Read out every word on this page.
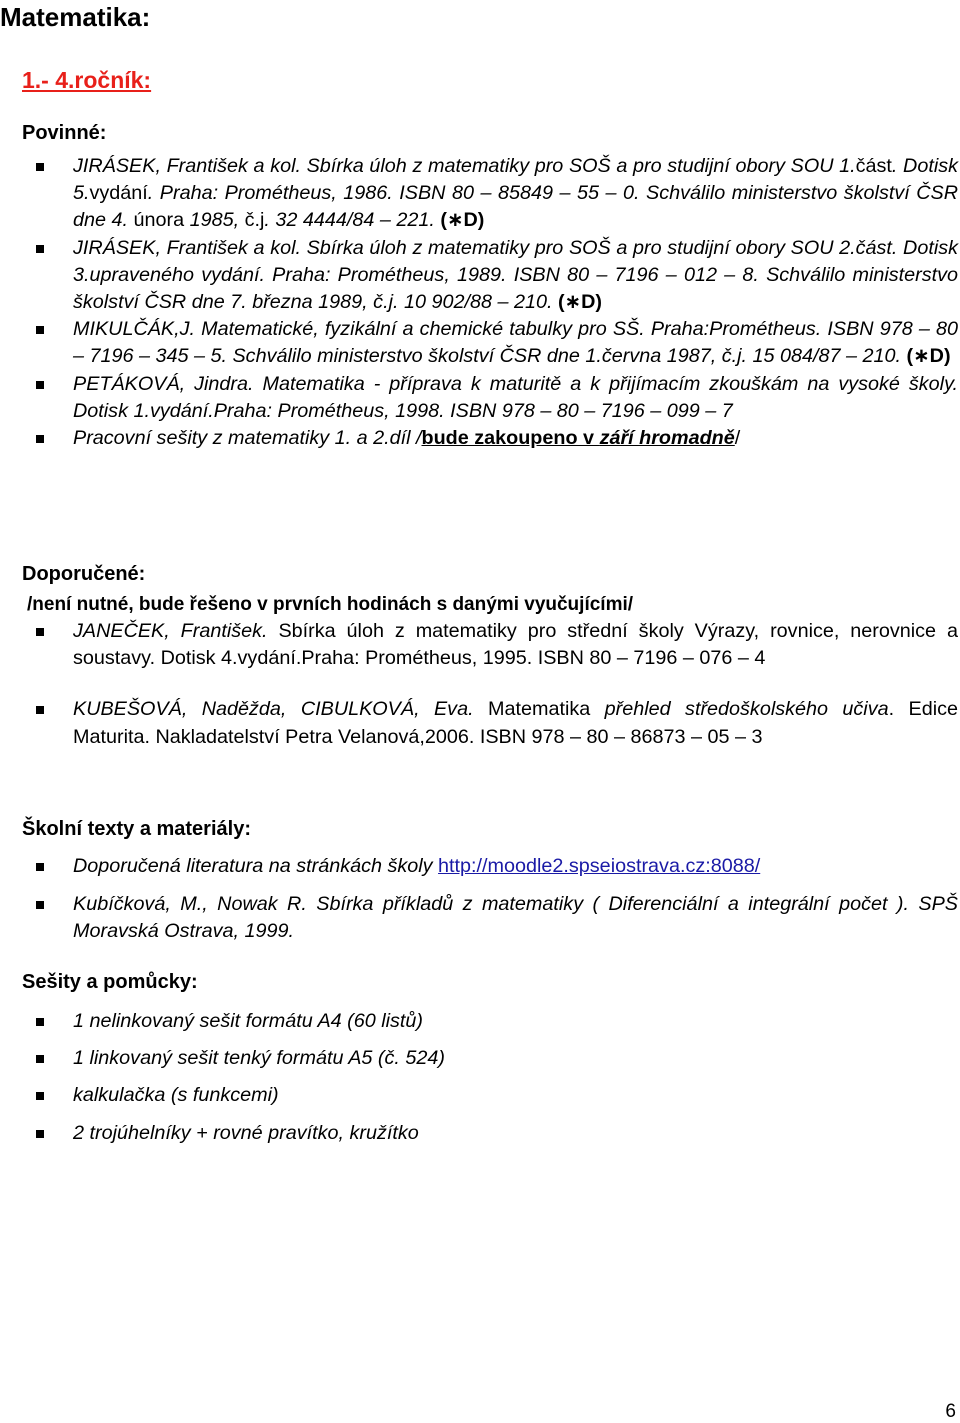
Matematika:
1.- 4.ročník:
Povinné:
JIRÁSEK, František a kol. Sbírka úloh z matematiky pro SOŠ a pro studijní obory SOU 1.část. Dotisk 5.vydání. Praha: Prométheus, 1986. ISBN 80 – 85849 – 55 – 0. Schválilo ministerstvo školství ČSR dne 4. února 1985, č.j. 32 4444/84 – 221. (∗D)
JIRÁSEK, František a kol. Sbírka úloh z matematiky pro SOŠ a pro studijní obory SOU 2.část. Dotisk 3.upraveného vydání. Praha: Prométheus, 1989. ISBN 80 – 7196 – 012 – 8. Schválilo ministerstvo školství ČSR dne 7. března 1989, č.j. 10 902/88 – 210. (∗D)
MIKULČÁK,J. Matematické, fyzikální a chemické tabulky pro SŠ. Praha:Prométheus. ISBN 978 – 80 – 7196 – 345 – 5. Schválilo ministerstvo školství ČSR dne 1.června 1987, č.j. 15 084/87 – 210. (∗D)
PETÁKOVÁ, Jindra. Matematika - příprava k maturitě a k přijímacím zkouškám na vysoké školy. Dotisk 1.vydání.Praha: Prométheus, 1998. ISBN 978 – 80 – 7196 – 099 – 7
Pracovní sešity z matematiky 1. a 2.díl /bude zakoupeno v září hromadně/
Doporučené:

/není nutné, bude řešeno v prvních hodinách s danými vyučujícími/

JANEČEK, František. Sbírka úloh z matematiky pro střední školy Výrazy, rovnice, nerovnice a soustavy. Dotisk 4.vydání.Praha: Prométheus, 1995. ISBN 80 – 7196 – 076 – 4
KUBEŠOVÁ, Naděžda, CIBULKOVÁ, Eva. Matematika přehled středoškolského učiva. Edice Maturita. Nakladatelství Petra Velanová,2006. ISBN 978 – 80 – 86873 – 05 – 3
Školní texty a materiály:
Doporučená literatura na stránkách školy http://moodle2.spseiostrava.cz:8088/
Kubíčková, M., Nowak R. Sbírka příkladů z matematiky ( Diferenciální a integrální počet ). SPŠ Moravská Ostrava, 1999.
Sešity a pomůcky:
1 nelinkovaný sešit formátu A4 (60 listů)
1 linkovaný sešit tenký formátu A5 (č. 524)
kalkulačka (s funkcemi)
2 trojúhelníky + rovné pravítko, kružítko

6
